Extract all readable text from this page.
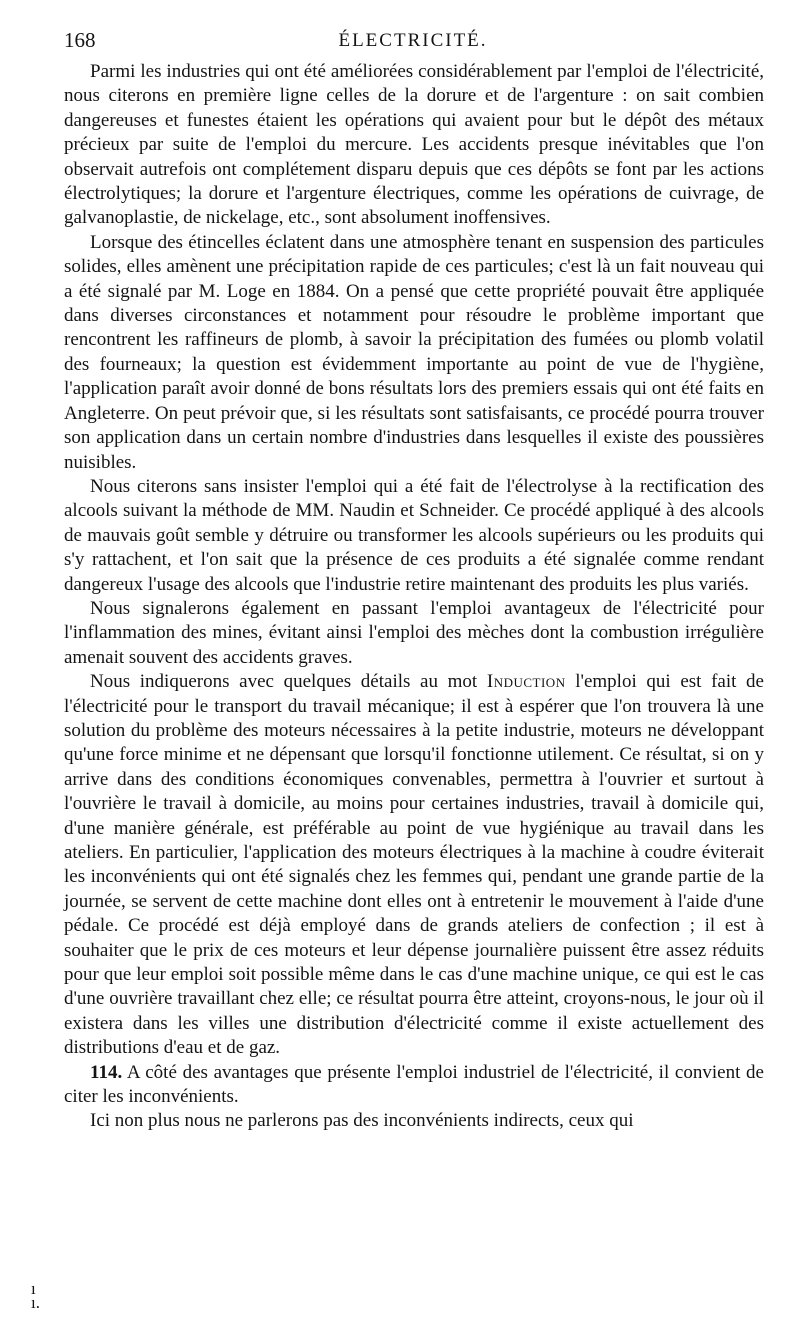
168	ÉLECTRICITÉ.

Parmi les industries qui ont été améliorées considérablement par l'emploi de l'électricité, nous citerons en première ligne celles de la dorure et de l'argenture : on sait combien dangereuses et funestes étaient les opérations qui avaient pour but le dépôt des métaux précieux par suite de l'emploi du mercure. Les accidents presque inévitables que l'on observait autrefois ont complétement disparu depuis que ces dépôts se font par les actions électrolytiques; la dorure et l'argenture électriques, comme les opérations de cuivrage, de galvanoplastie, de nickelage, etc., sont absolument inoffensives.

Lorsque des étincelles éclatent dans une atmosphère tenant en suspension des particules solides, elles amènent une précipitation rapide de ces particules; c'est là un fait nouveau qui a été signalé par M. Loge en 1884. On a pensé que cette propriété pouvait être appliquée dans diverses circonstances et notamment pour résoudre le problème important que rencontrent les raffineurs de plomb, à savoir la précipitation des fumées ou plomb volatil des fourneaux; la question est évidemment importante au point de vue de l'hygiène, l'application paraît avoir donné de bons résultats lors des premiers essais qui ont été faits en Angleterre. On peut prévoir que, si les résultats sont satisfaisants, ce procédé pourra trouver son application dans un certain nombre d'industries dans lesquelles il existe des poussières nuisibles.

Nous citerons sans insister l'emploi qui a été fait de l'électrolyse à la rectification des alcools suivant la méthode de MM. Naudin et Schneider. Ce procédé appliqué à des alcools de mauvais goût semble y détruire ou transformer les alcools supérieurs ou les produits qui s'y rattachent, et l'on sait que la présence de ces produits a été signalée comme rendant dangereux l'usage des alcools que l'industrie retire maintenant des produits les plus variés.

Nous signalerons également en passant l'emploi avantageux de l'électricité pour l'inflammation des mines, évitant ainsi l'emploi des mèches dont la combustion irrégulière amenait souvent des accidents graves.

Nous indiquerons avec quelques détails au mot Induction l'emploi qui est fait de l'électricité pour le transport du travail mécanique; il est à espérer que l'on trouvera là une solution du problème des moteurs nécessaires à la petite industrie, moteurs ne développant qu'une force minime et ne dépensant que lorsqu'il fonctionne utilement. Ce résultat, si on y arrive dans des conditions économiques convenables, permettra à l'ouvrier et surtout à l'ouvrière le travail à domicile, au moins pour certaines industries, travail à domicile qui, d'une manière générale, est préférable au point de vue hygiénique au travail dans les ateliers. En particulier, l'application des moteurs électriques à la machine à coudre éviterait les inconvénients qui ont été signalés chez les femmes qui, pendant une grande partie de la journée, se servent de cette machine dont elles ont à entretenir le mouvement à l'aide d'une pédale. Ce procédé est déjà employé dans de grands ateliers de confection ; il est à souhaiter que le prix de ces moteurs et leur dépense journalière puissent être assez réduits pour que leur emploi soit possible même dans le cas d'une machine unique, ce qui est le cas d'une ouvrière travaillant chez elle; ce résultat pourra être atteint, croyons-nous, le jour où il existera dans les villes une distribution d'électricité comme il existe actuellement des distributions d'eau et de gaz.

114. A côté des avantages que présente l'emploi industriel de l'électricité, il convient de citer les inconvénients.

Ici non plus nous ne parlerons pas des inconvénients indirects, ceux qui

ı
ı.
